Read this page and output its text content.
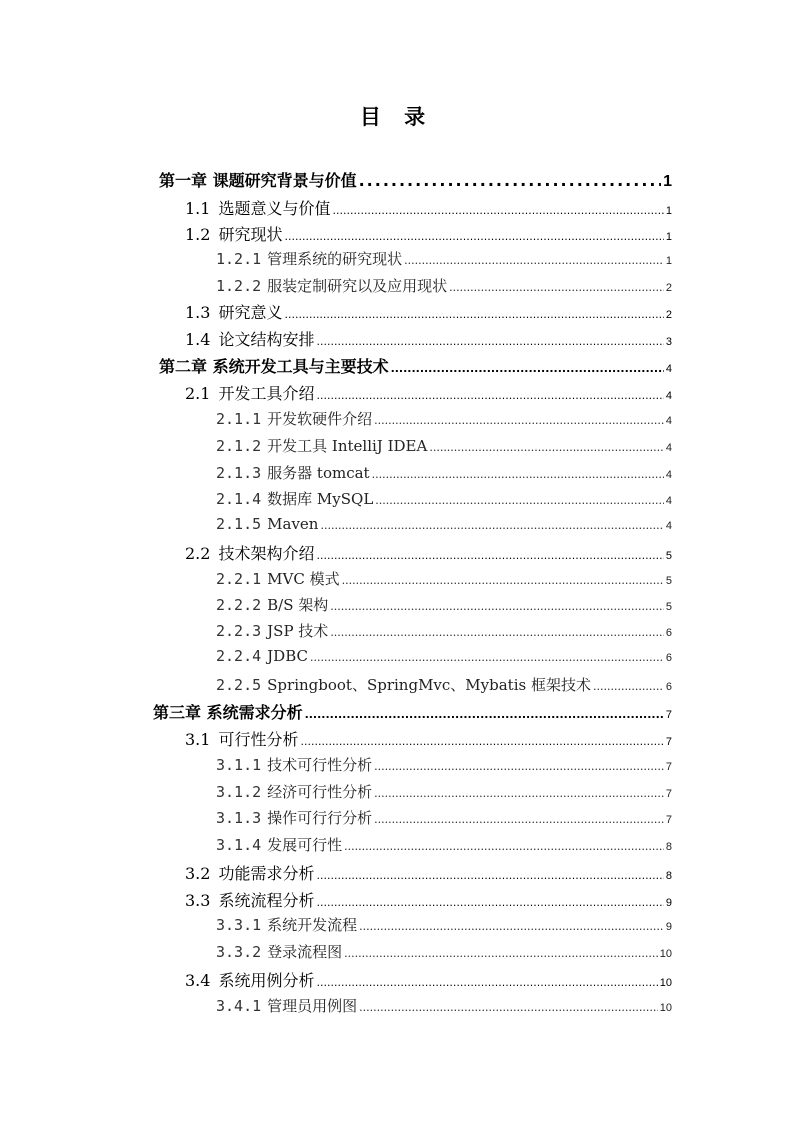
目 录
第一章 课题研究背景与价值 .....	1
1.1 选题意义与价值 .....	1
1.2 研究现状 .....	1
1.2.1 管理系统的研究现状 .....	1
1.2.2 服装定制研究以及应用现状 .....	2
1.3 研究意义 .....	2
1.4 论文结构安排 .....	3
第二章 系统开发工具与主要技术 .....	4
2.1 开发工具介绍 .....	4
2.1.1 开发软硬件介绍 .....	4
2.1.2 开发工具 IntelliJ IDEA .....	4
2.1.3 服务器 tomcat .....	4
2.1.4 数据库 MySQL .....	4
2.1.5 Maven .....	4
2.2 技术架构介绍 .....	5
2.2.1 MVC 模式 .....	5
2.2.2 B/S 架构 .....	5
2.2.3 JSP 技术 .....	6
2.2.4 JDBC .....	6
2.2.5 Springboot、SpringMvc、Mybatis 框架技术 .....	6
第三章 系统需求分析 .....	7
3.1 可行性分析 .....	7
3.1.1 技术可行性分析 .....	7
3.1.2 经济可行性分析 .....	7
3.1.3 操作可行行分析 .....	7
3.1.4 发展可行性 .....	8
3.2 功能需求分析 .....	8
3.3 系统流程分析 .....	9
3.3.1 系统开发流程 .....	9
3.3.2 登录流程图 .....	10
3.4 系统用例分析 .....	10
3.4.1 管理员用例图 .....	10
